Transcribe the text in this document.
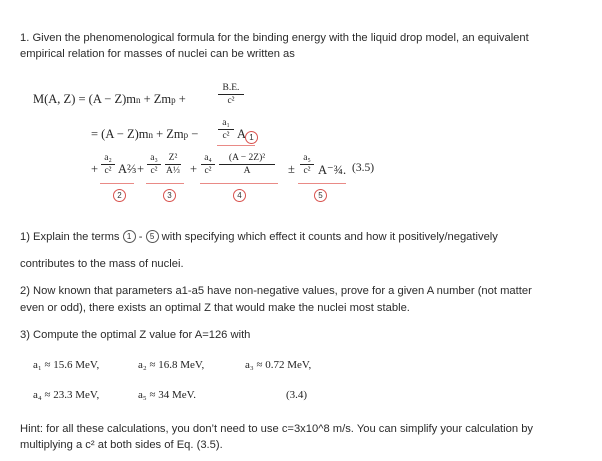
1. Given the phenomenological formula for the binding energy with the liquid drop model, an equivalent
empirical relation for masses of nuclei can be written as
M(A, Z) = (A − Z)mn + Zmp +
B.E.
c²
= (A − Z)mn + Zmp −
a₁
c² A 1
+
a₂
c² A⅔ +
a₃
c²
Z²
A⅓ +
a₄
c²
(A − 2Z)²
A	±
a₅
c² A⁻¾. (3.5)
2	3	4	5
1) Explain the terms 1 - 5 with specifying which effect it counts and how it positively/negatively
contributes to the mass of nuclei.
2) Now known that parameters a1-a5 have non-negative values, prove for a given A number (not matter
even or odd), there exists an optimal Z that would make the nuclei most stable.
3) Compute the optimal Z value for A=126 with
a₁ ≈ 15.6 MeV,	a₂ ≈ 16.8 MeV,	a₃ ≈ 0.72 MeV,
a₄ ≈ 23.3 MeV,	a₅ ≈ 34 MeV.	(3.4)
Hint: for all these calculations, you don’t need to use c=3x10^8 m/s. You can simplify your calculation by
multiplying a c² at both sides of Eq. (3.5).
